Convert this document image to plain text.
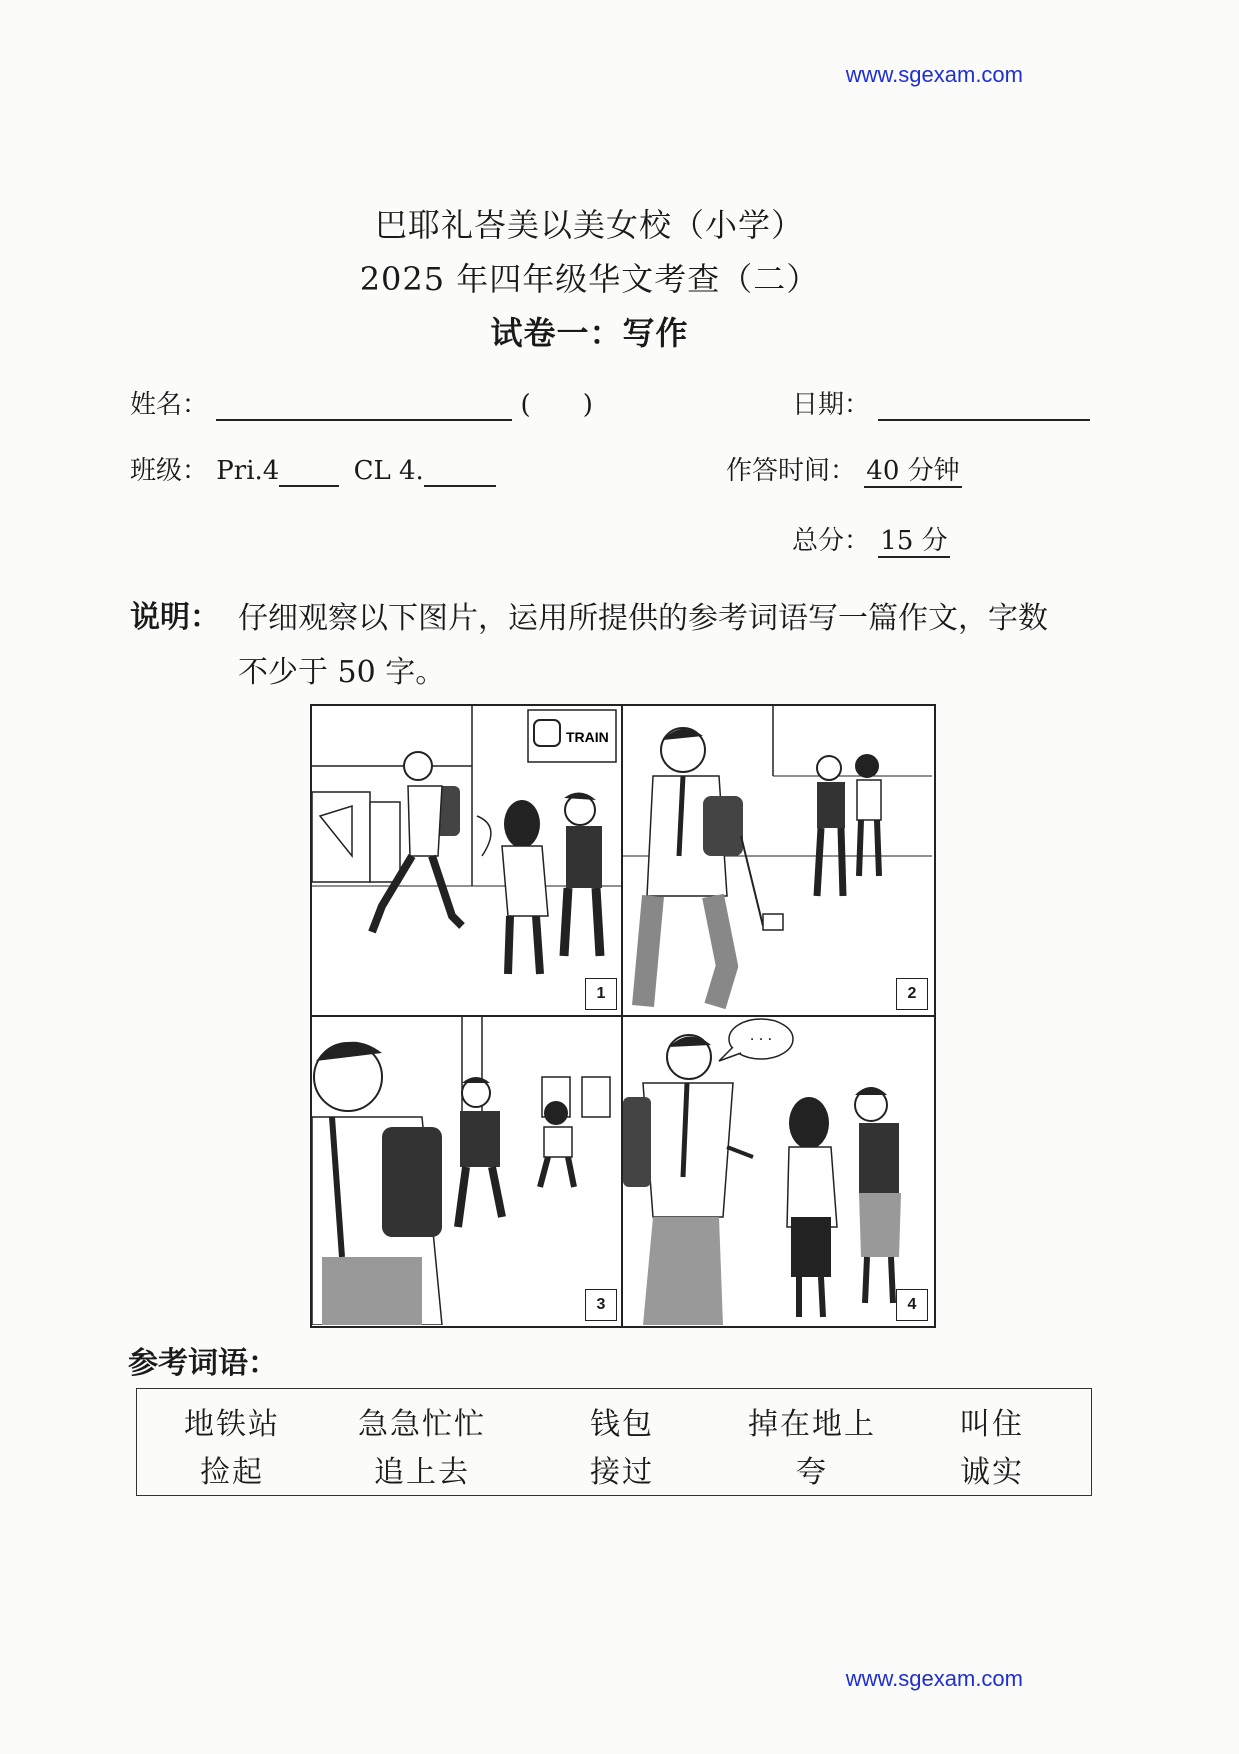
www.sgexam.com
巴耶礼峇美以美女校（小学）
2025 年四年级华文考查（二）
试卷一：写作
姓名：	(　　)	日期：
班级： Pri.4	CL 4.	作答时间： 40 分钟
总分： 15 分
说明： 仔细观察以下图片，运用所提供的参考词语写一篇作文，字数不少于 50 字。
TRAIN
1	2
3
· · ·
4
参考词语：
地铁站	急急忙忙	钱包	掉在地上	叫住
捡起	追上去	接过	夸	诚实
www.sgexam.com
